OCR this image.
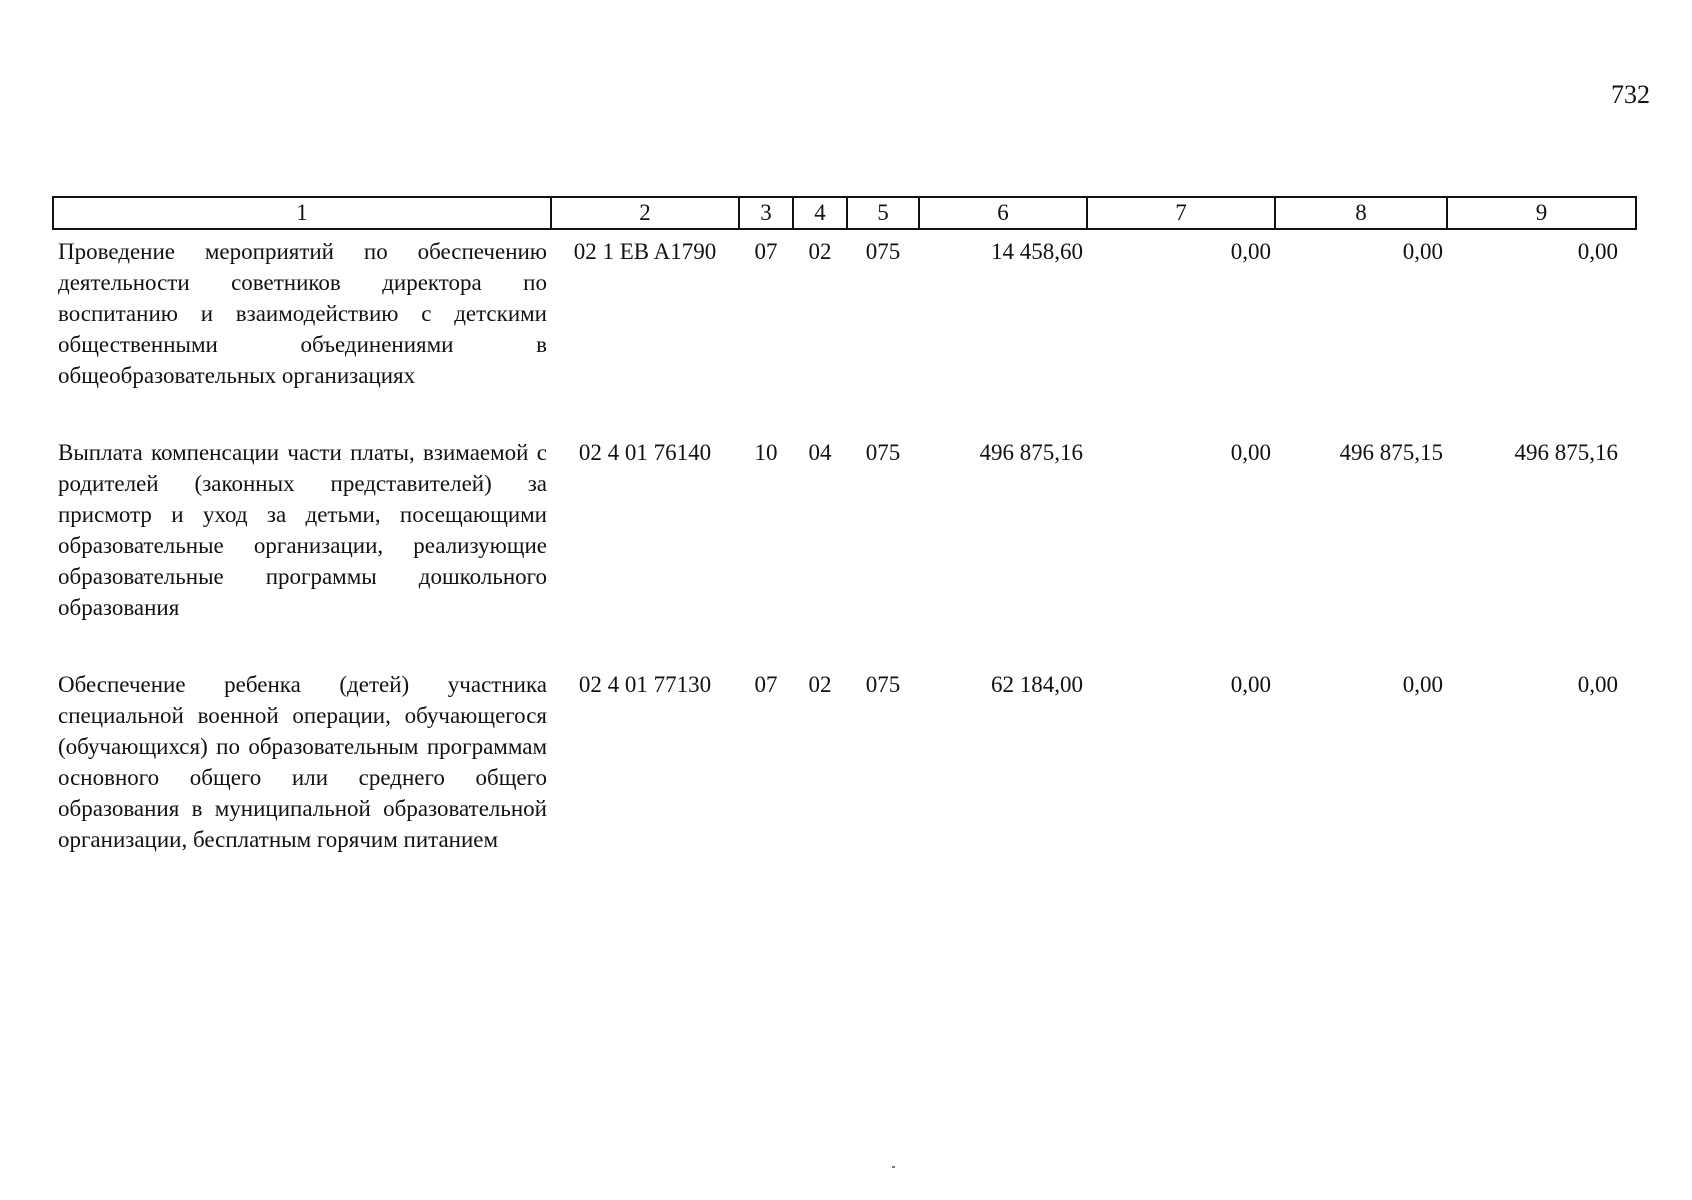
732
1	2	3	4	5	6	7	8	9
Проведение мероприятий по обеспечению деятельности советников директора по воспитанию и взаимодействию с детскими общественными объединениями в общеобразовательных организациях	02 1 EB A1790	07	02	075	14 458,60	0,00	0,00	0,00
Выплата компенсации части платы, взимаемой с родителей (законных представителей) за присмотр и уход за детьми, посещающими образовательные организации, реализующие образовательные программы дошкольного образования	02 4 01 76140	10	04	075	496 875,16	0,00	496 875,15	496 875,16
Обеспечение ребенка (детей) участника специальной военной операции, обучающегося (обучающихся) по образовательным программам основного общего или среднего общего образования в муниципальной образовательной организации, бесплатным горячим питанием	02 4 01 77130	07	02	075	62 184,00	0,00	0,00	0,00
